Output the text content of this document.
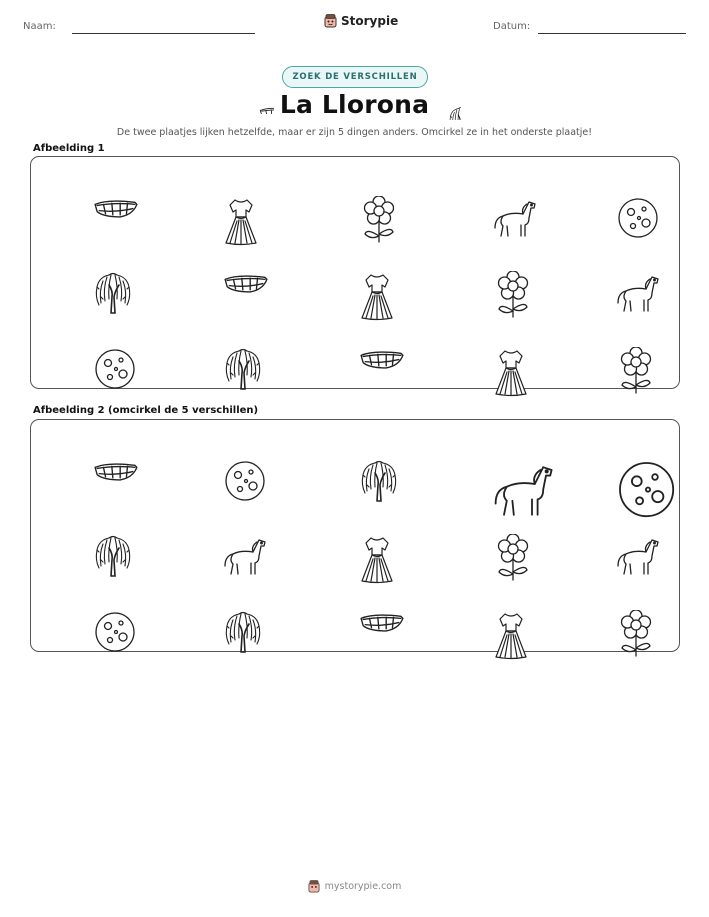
Naam:	Storypie	Datum:
ZOEK DE VERSCHILLEN
La Llorona
De twee plaatjes lijken hetzelfde, maar er zijn 5 dingen anders. Omcirkel ze in het onderste plaatje!
Afbeelding 1
Afbeelding 2 (omcirkel de 5 verschillen)
mystorypie.com
